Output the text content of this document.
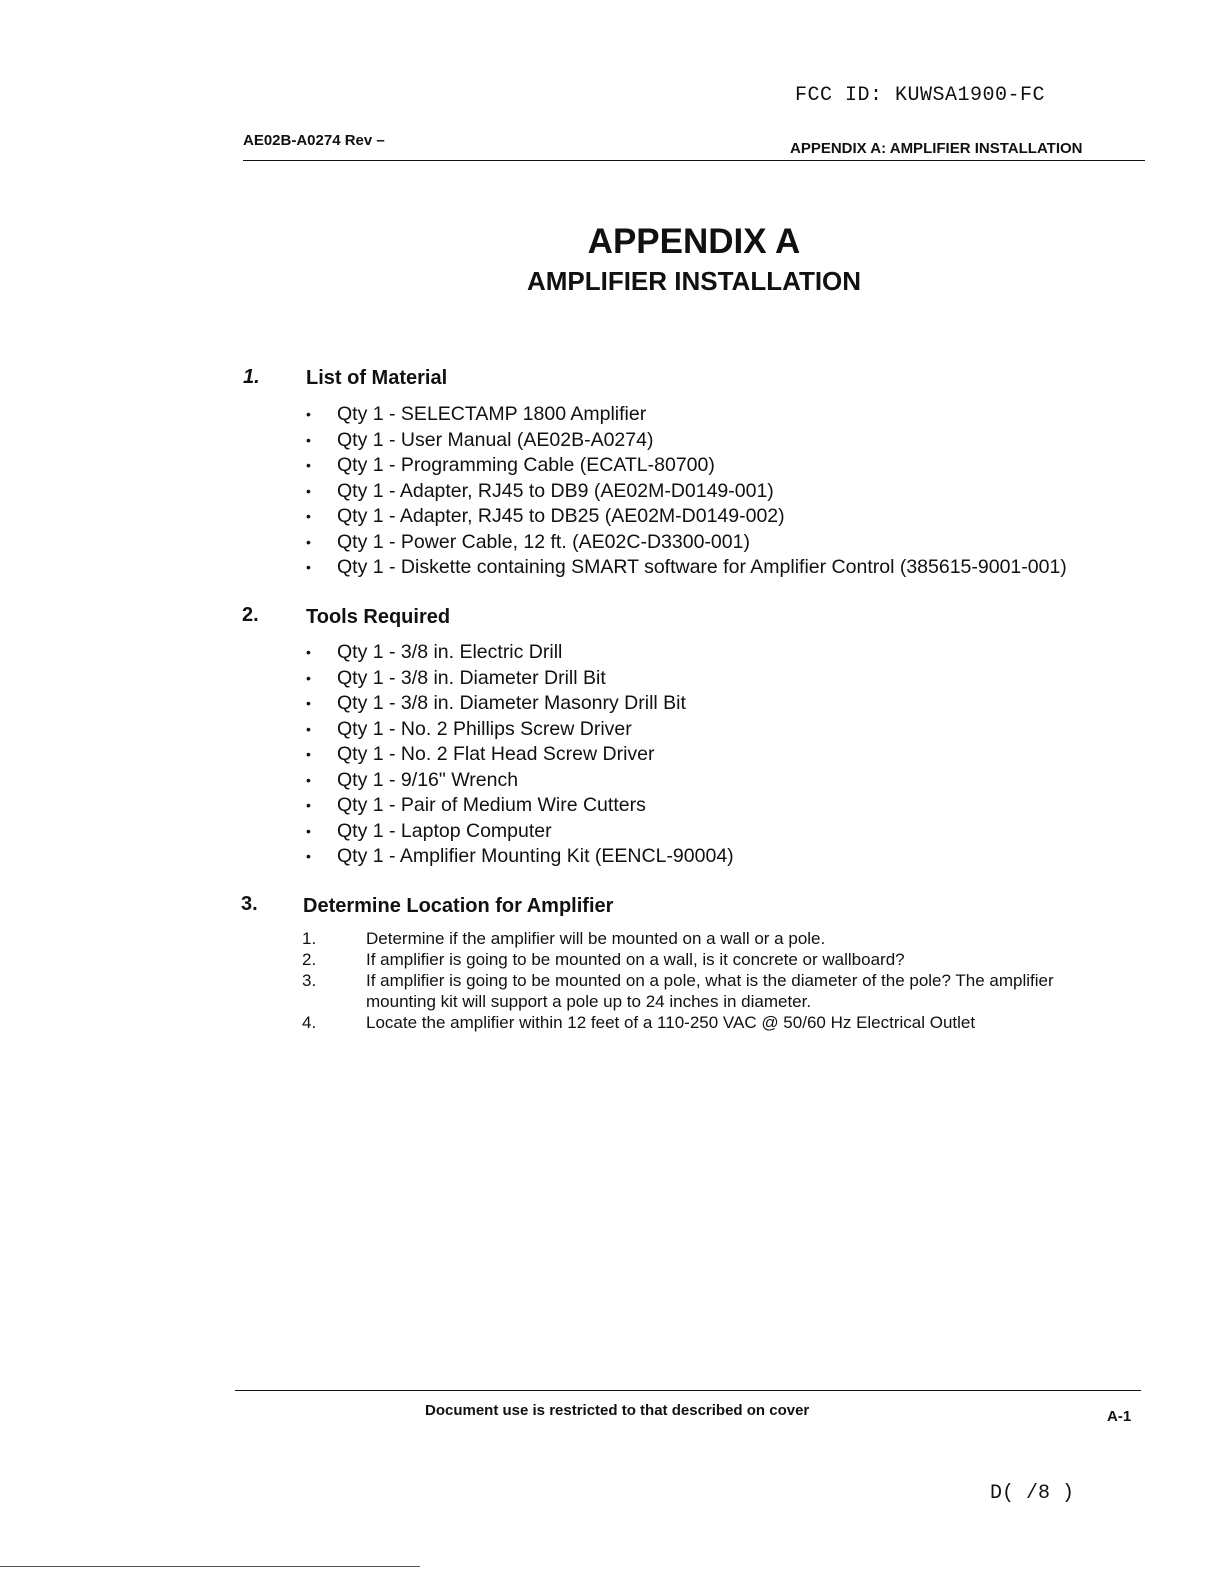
FCC ID: KUWSA1900-FC
AE02B-A0274 Rev –	APPENDIX A: AMPLIFIER INSTALLATION
APPENDIX A
AMPLIFIER INSTALLATION
1. List of Material
• Qty 1 - SELECTAMP 1800 Amplifier
• Qty 1 - User Manual (AE02B-A0274)
• Qty 1 - Programming Cable (ECATL-80700)
• Qty 1 - Adapter, RJ45 to DB9 (AE02M-D0149-001)
• Qty 1 - Adapter, RJ45 to DB25 (AE02M-D0149-002)
• Qty 1 - Power Cable, 12 ft. (AE02C-D3300-001)
• Qty 1 - Diskette containing SMART software for Amplifier Control (385615-9001-001)
2. Tools Required
• Qty 1 - 3/8 in. Electric Drill
• Qty 1 - 3/8 in. Diameter Drill Bit
• Qty 1 - 3/8 in. Diameter Masonry Drill Bit
• Qty 1 - No. 2 Phillips Screw Driver
• Qty 1 - No. 2 Flat Head Screw Driver
• Qty 1 - 9/16" Wrench
• Qty 1 - Pair of Medium Wire Cutters
• Qty 1 - Laptop Computer
• Qty 1 - Amplifier Mounting Kit (EENCL-90004)
3. Determine Location for Amplifier
1.	Determine if the amplifier will be mounted on a wall or a pole.
2.	If amplifier is going to be mounted on a wall, is it concrete or wallboard?
3.	If amplifier is going to be mounted on a pole, what is the diameter of the pole? The amplifier mounting kit will support a pole up to 24 inches in diameter.
4.	Locate the amplifier within 12 feet of a 110-250 VAC @ 50/60 Hz Electrical Outlet
Document use is restricted to that described on cover	A-1
D( /8 )
